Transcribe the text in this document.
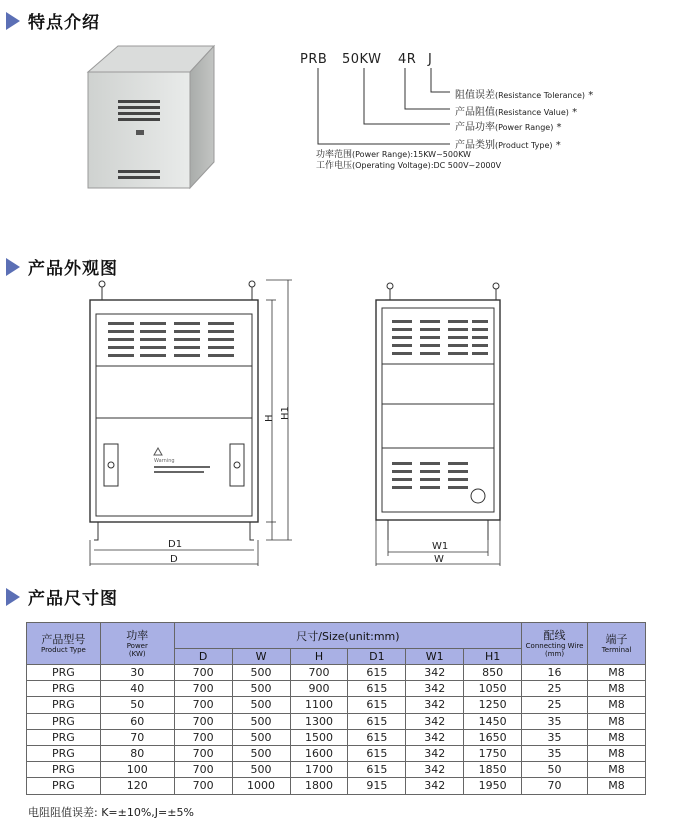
特点介绍
PRB 50KW 4R J
阻值误差(Resistance Tolerance) *
产品阻值(Resistance Value) *
产品功率(Power Range) *
产品类别(Product Type) *
功率范围(Power Range):15KW~500KW
工作电压(Operating Voltage):DC 500V~2000V
产品外观图
Warning
D1
D
H H1
W1
W
产品尺寸图
产品型号
Product Type	功率
Power
(KW)	尺寸/Size(unit:mm)						配线
Connecting Wire
(mm)	端子
Terminal

		D	W	H	D1	W1	H1		
PRG	30	700	500	700	615	342	850	16	M8
PRG	40	700	500	900	615	342	1050	25	M8
PRG	50	700	500	1100	615	342	1250	25	M8
PRG	60	700	500	1300	615	342	1450	35	M8
PRG	70	700	500	1500	615	342	1650	35	M8
PRG	80	700	500	1600	615	342	1750	35	M8
PRG	100	700	500	1700	615	342	1850	50	M8
PRG	120	700	1000	1800	915	342	1950	70	M8
电阻阻值误差: K=±10%,J=±5%
